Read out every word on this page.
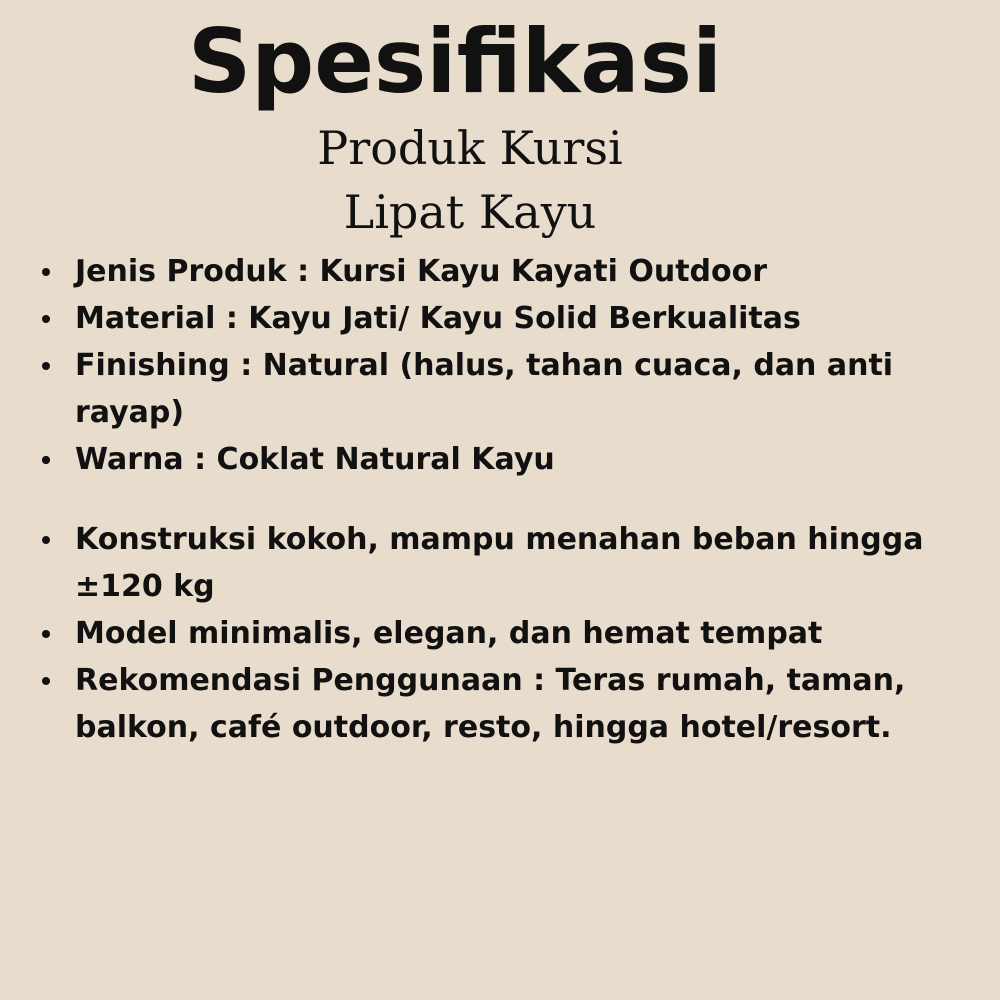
Spesifikasi
Produk Kursi
Lipat Kayu
Jenis Produk : Kursi Kayu Kayati Outdoor
Material : Kayu Jati/ Kayu Solid Berkualitas
Finishing : Natural (halus, tahan cuaca, dan anti rayap)
Warna : Coklat Natural Kayu
Konstruksi kokoh, mampu menahan beban hingga ±120 kg
Model minimalis, elegan, dan hemat tempat
Rekomendasi Penggunaan : Teras rumah, taman, balkon, café outdoor, resto, hingga hotel/resort.
